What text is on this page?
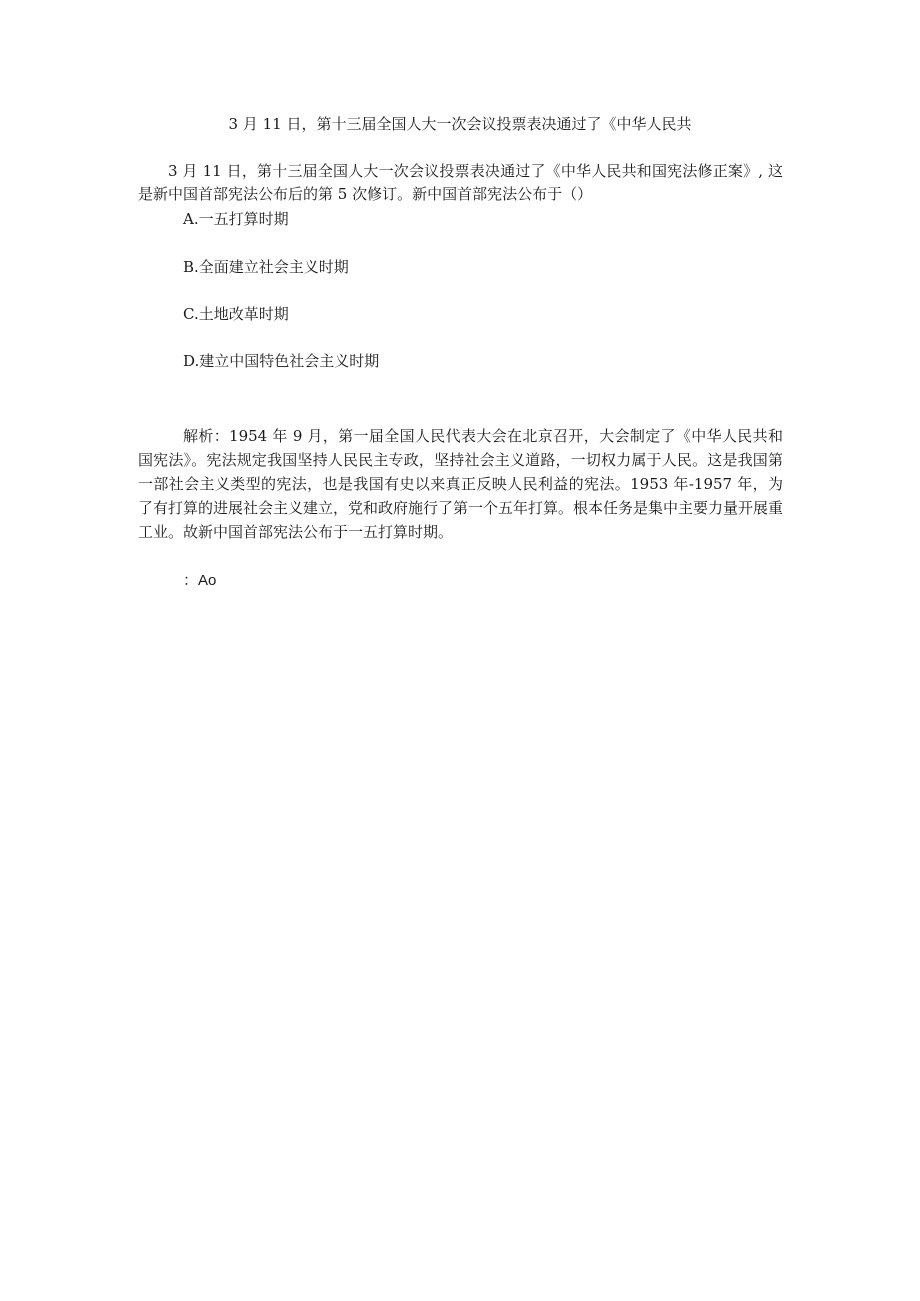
3 月 11 日，第十三届全国人大一次会议投票表决通过了《中华人民共
3 月 11 日，第十三届全国人大一次会议投票表决通过了《中华人民共和国宪法修正案》, 这是新中国首部宪法公布后的第 5 次修订。新中国首部宪法公布于（）
A.一五打算时期
B.全面建立社会主义时期
C.土地改革时期
D.建立中国特色社会主义时期
解析：1954 年 9 月，第一届全国人民代表大会在北京召开，大会制定了《中华人民共和国宪法》。宪法规定我国坚持人民民主专政，坚持社会主义道路，一切权力属于人民。这是我国第一部社会主义类型的宪法，也是我国有史以来真正反映人民利益的宪法。1953 年-1957 年，为了有打算的进展社会主义建立，党和政府施行了第一个五年打算。根本任务是集中主要力量开展重工业。故新中国首部宪法公布于一五打算时期。
：Ao
